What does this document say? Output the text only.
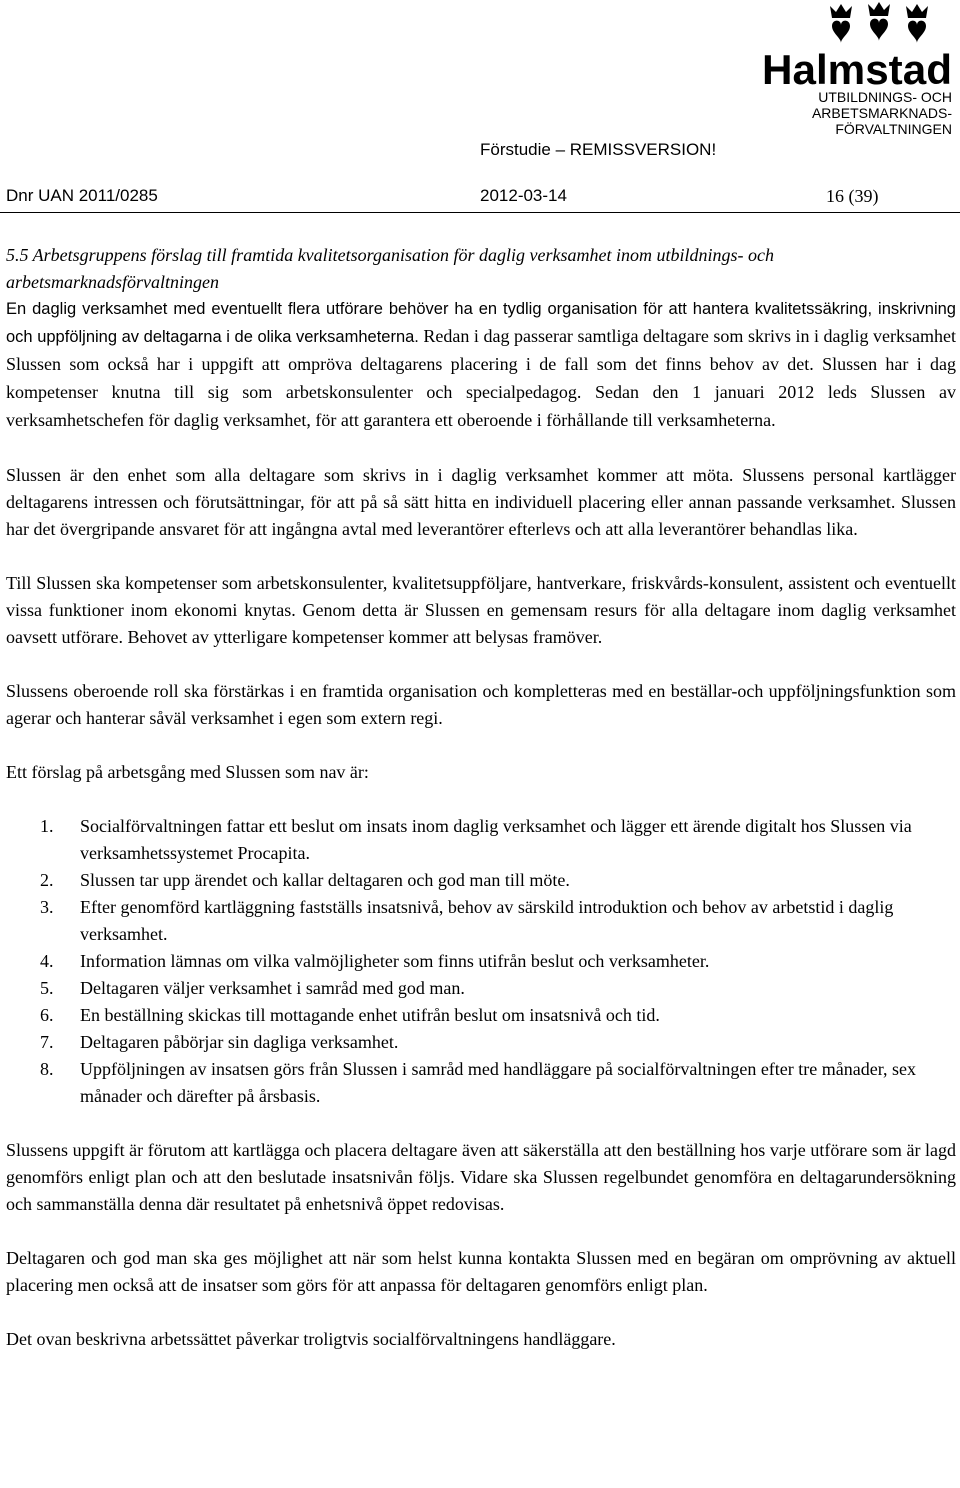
Halmstad
UTBILDNINGS- OCH
ARBETSMARKNADS-
FÖRVALTNINGEN
Förstudie – REMISSVERSION!
Dnr UAN 2011/0285	2012-03-14	16 (39)
5.5 Arbetsgruppens förslag till framtida kvalitetsorganisation för daglig verksamhet inom utbildnings- och arbetsmarknadsförvaltningen

En daglig verksamhet med eventuellt flera utförare behöver ha en tydlig organisation för att hantera kvalitetssäkring, inskrivning och uppföljning av deltagarna i de olika verksamheterna. Redan i dag passerar samtliga deltagare som skrivs in i daglig verksamhet Slussen som också har i uppgift att ompröva deltagarens placering i de fall som det finns behov av det. Slussen har i dag kompetenser knutna till sig som arbetskonsulenter och specialpedagog. Sedan den 1 januari 2012 leds Slussen av verksamhetschefen för daglig verksamhet, för att garantera ett oberoende i förhållande till verksamheterna.

Slussen är den enhet som alla deltagare som skrivs in i daglig verksamhet kommer att möta. Slussens personal kartlägger deltagarens intressen och förutsättningar, för att på så sätt hitta en individuell placering eller annan passande verksamhet. Slussen har det övergripande ansvaret för att ingångna avtal med leverantörer efterlevs och att alla leverantörer behandlas lika.

Till Slussen ska kompetenser som arbetskonsulenter, kvalitetsuppföljare, hantverkare, friskvårds-konsulent, assistent och eventuellt vissa funktioner inom ekonomi knytas. Genom detta är Slussen en gemensam resurs för alla deltagare inom daglig verksamhet oavsett utförare. Behovet av ytterligare kompetenser kommer att belysas framöver.

Slussens oberoende roll ska förstärkas i en framtida organisation och kompletteras med en beställar-och uppföljningsfunktion som agerar och hanterar såväl verksamhet i egen som extern regi.

Ett förslag på arbetsgång med Slussen som nav är:

1. Socialförvaltningen fattar ett beslut om insats inom daglig verksamhet och lägger ett ärende digitalt hos Slussen via verksamhetssystemet Procapita.
2. Slussen tar upp ärendet och kallar deltagaren och god man till möte.
3. Efter genomförd kartläggning fastställs insatsnivå, behov av särskild introduktion och behov av arbetstid i daglig verksamhet.
4. Information lämnas om vilka valmöjligheter som finns utifrån beslut och verksamheter.
5. Deltagaren väljer verksamhet i samråd med god man.
6. En beställning skickas till mottagande enhet utifrån beslut om insatsnivå och tid.
7. Deltagaren påbörjar sin dagliga verksamhet.
8. Uppföljningen av insatsen görs från Slussen i samråd med handläggare på socialförvaltningen efter tre månader, sex månader och därefter på årsbasis.

Slussens uppgift är förutom att kartlägga och placera deltagare även att säkerställa att den beställning hos varje utförare som är lagd genomförs enligt plan och att den beslutade insatsnivån följs. Vidare ska Slussen regelbundet genomföra en deltagarundersökning och sammanställa denna där resultatet på enhetsnivå öppet redovisas.

Deltagaren och god man ska ges möjlighet att när som helst kunna kontakta Slussen med en begäran om omprövning av aktuell placering men också att de insatser som görs för att anpassa för deltagaren genomförs enligt plan.

Det ovan beskrivna arbetssättet påverkar troligtvis socialförvaltningens handläggare.
